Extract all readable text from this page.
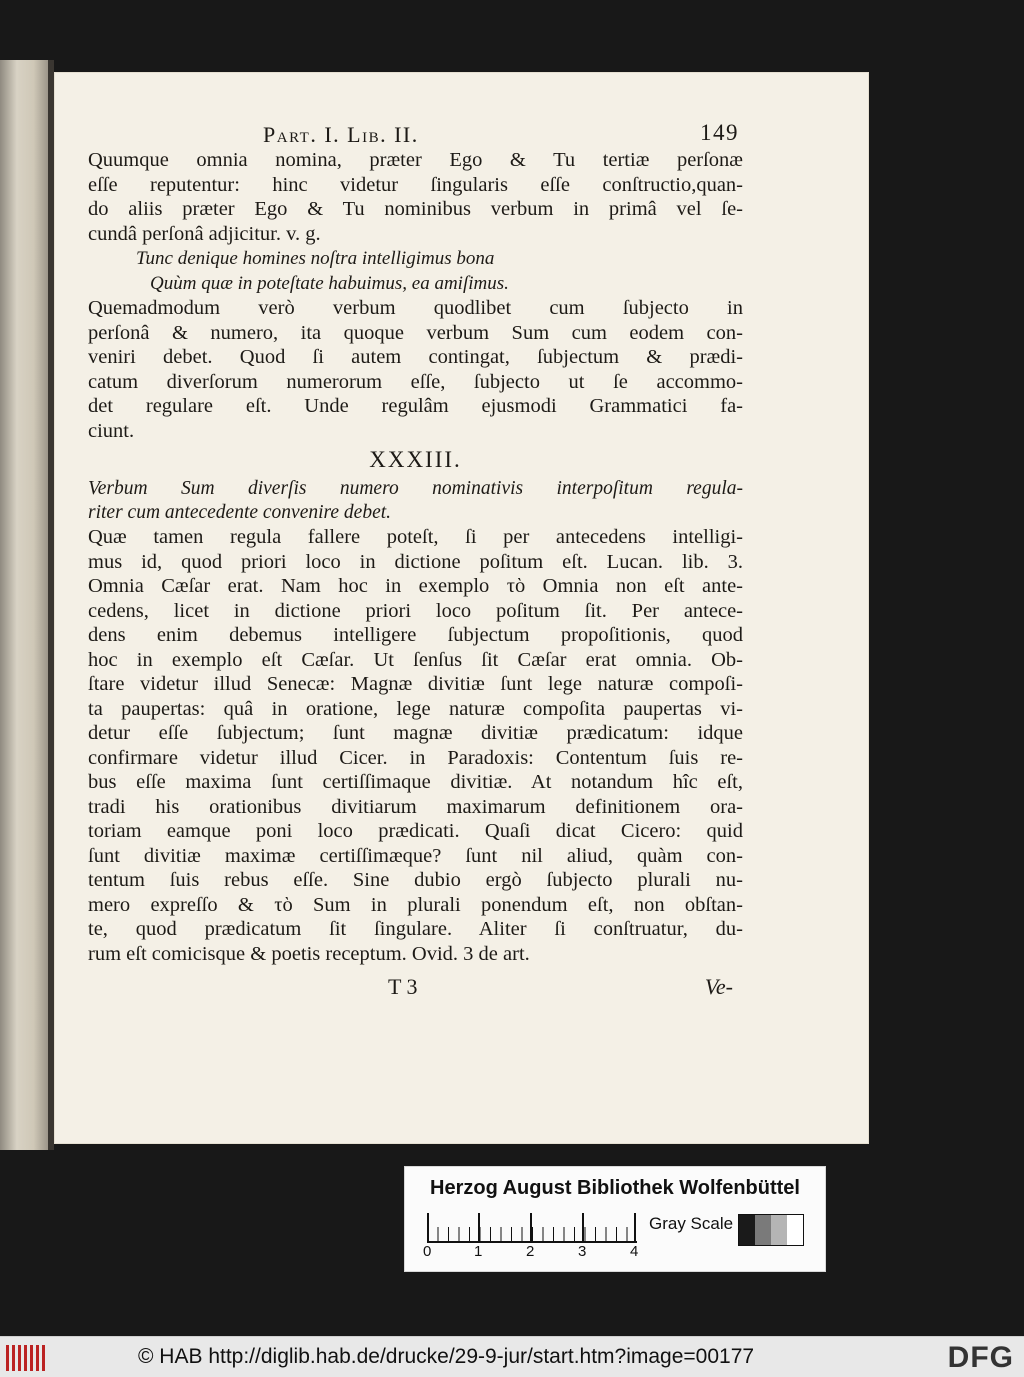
Part. I. Lib. II.	149
Quumque omnia nomina, præter Ego & Tu tertiæ perſonæ
eſſe reputentur: hinc videtur ſingularis eſſe conſtructio,quan-
do aliis præter Ego & Tu nominibus verbum in primâ vel ſe-
cundâ perſonâ adjicitur. v. g.
Tunc denique homines noſtra intelligimus bona
Quùm quæ in poteſtate habuimus, ea amiſimus.
Quemadmodum verò verbum quodlibet cum ſubjecto in
perſonâ & numero, ita quoque verbum Sum cum eodem con-
veniri debet. Quod ſi autem contingat, ſubjectum & prædi-
catum diverſorum numerorum eſſe, ſubjecto ut ſe accommo-
det regulare eſt. Unde regulâm ejusmodi Grammatici fa-
ciunt.
XXXIII.
Verbum Sum diverſis numero nominativis interpoſitum regula-
riter cum antecedente convenire debet.
Quæ tamen regula fallere poteſt, ſi per antecedens intelligi-
mus id, quod priori loco in dictione poſitum eſt. Lucan. lib. 3.
Omnia Cæſar erat. Nam hoc in exemplo τὸ Omnia non eſt ante-
cedens, licet in dictione priori loco poſitum ſit. Per antece-
dens enim debemus intelligere ſubjectum propoſitionis, quod
hoc in exemplo eſt Cæſar. Ut ſenſus ſit Cæſar erat omnia. Ob-
ſtare videtur illud Senecæ: Magnæ divitiæ ſunt lege naturæ compoſi-
ta paupertas: quâ in oratione, lege naturæ compoſita paupertas vi-
detur eſſe ſubjectum; ſunt magnæ divitiæ prædicatum: idque
confirmare videtur illud Cicer. in Paradoxis: Contentum ſuis re-
bus eſſe maxima ſunt certiſſimaque divitiæ. At notandum hîc eſt,
tradi his orationibus divitiarum maximarum definitionem ora-
toriam eamque poni loco prædicati. Quaſi dicat Cicero: quid
ſunt divitiæ maximæ certiſſimæque? ſunt nil aliud, quàm con-
tentum ſuis rebus eſſe. Sine dubio ergò ſubjecto plurali nu-
mero expreſſo & τὸ Sum in plurali ponendum eſt, non obſtan-
te, quod prædicatum ſit ſingulare. Aliter ſi conſtruatur, du-
rum eſt comicisque & poetis receptum. Ovid. 3 de art.
T 3	Ve-
Herzog August Bibliothek Wolfenbüttel
0	1	2	3	4
Gray Scale
© HAB http://diglib.hab.de/drucke/29-9-jur/start.htm?image=00177	DFG
